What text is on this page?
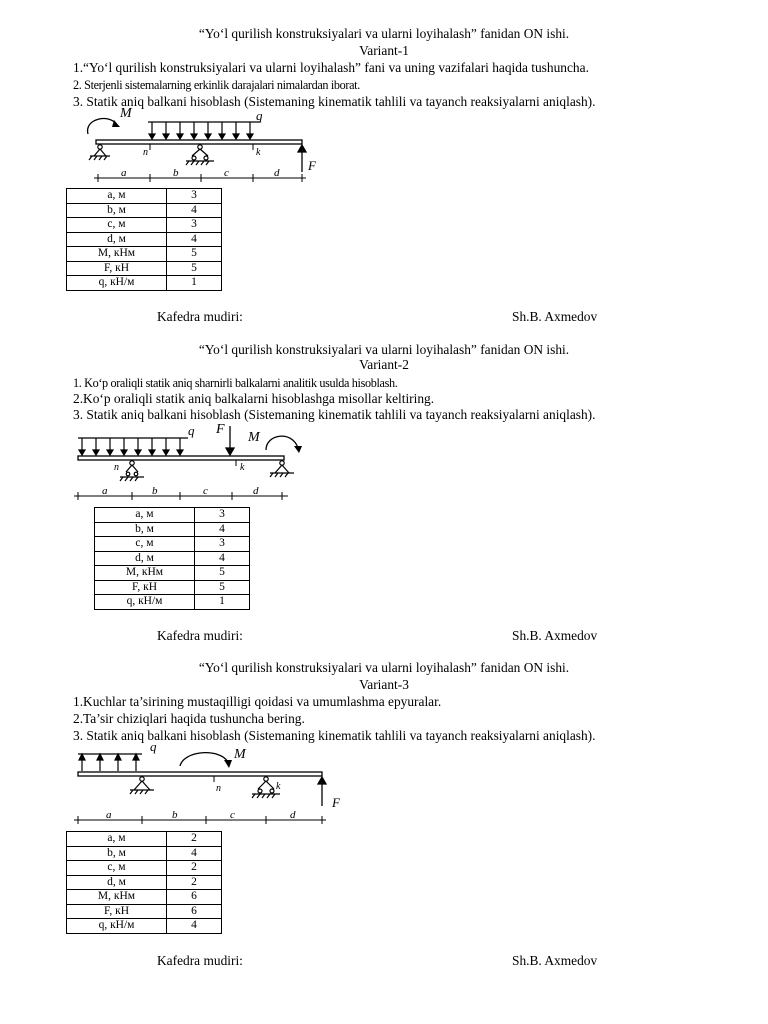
“Yo‘l qurilish konstruksiyalari va ularni loyihalash” fanidan ON ishi.
Variant-1
1.“Yo‘l qurilish konstruksiyalari va ularni loyihalash” fani va uning vazifalari haqida tushuncha.
2. Sterjenli sistemalarning erkinlik darajalari nimalardan iborat.
3. Statik aniq balkani hisoblash (Sistemaning kinematik tahlili va tayanch reaksiyalarni aniqlash).
M	q
F
n	k
a	b	c	d
a, м	3
b, м	4
c, м	3
d, м	4
M, кНм	5
F, кН	5
q, кН/м	1
Kafedra mudiri:	Sh.B. Axmedov
“Yo‘l qurilish konstruksiyalari va ularni loyihalash” fanidan ON ishi.
Variant-2
1. Ko‘p oraliqli statik aniq sharnirli balkalarni analitik usulda hisoblash.
2.Ko‘p oraliqli statik aniq balkalarni hisoblashga misollar keltiring.
3. Statik aniq balkani hisoblash (Sistemaning kinematik tahlili va tayanch reaksiyalarni aniqlash).
q F
M
n	k
a	b	c	d
a, м	3
b, м	4
c, м	3
d, м	4
M, кНм	5
F, кН	5
q, кН/м	1
Kafedra mudiri:	Sh.B. Axmedov
“Yo‘l qurilish konstruksiyalari va ularni loyihalash” fanidan ON ishi.
Variant-3
1.Kuchlar ta’sirining mustaqilligi qoidasi va umumlashma epyuralar.
2.Ta’sir chiziqlari haqida tushuncha bering.
3. Statik aniq balkani hisoblash (Sistemaning kinematik tahlili va tayanch reaksiyalarni aniqlash).
q
M
F
n	k
a	b	c	d
a, м	2
b, м	4
c, м	2
d, м	2
M, кНм	6
F, кН	6
q, кН/м	4
Kafedra mudiri:	Sh.B. Axmedov
